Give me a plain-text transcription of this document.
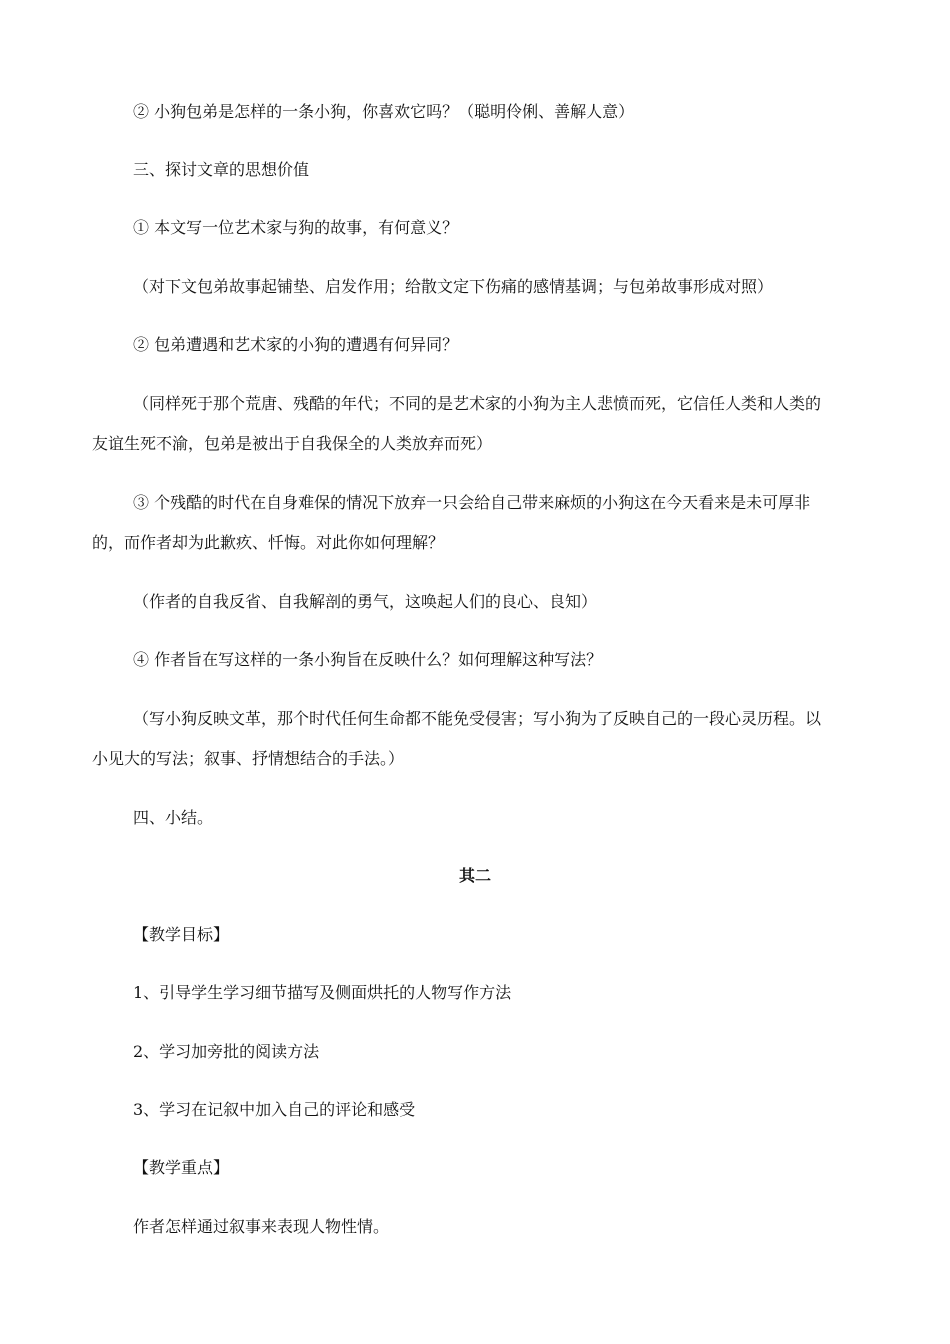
② 小狗包弟是怎样的一条小狗，你喜欢它吗？（聪明伶俐、善解人意）
三、探讨文章的思想价值
① 本文写一位艺术家与狗的故事，有何意义？
（对下文包弟故事起铺垫、启发作用；给散文定下伤痛的感情基调；与包弟故事形成对照）
② 包弟遭遇和艺术家的小狗的遭遇有何异同？
（同样死于那个荒唐、残酷的年代；不同的是艺术家的小狗为主人悲愤而死，它信任人类和人类的
友谊生死不渝，包弟是被出于自我保全的人类放弃而死）
③ 个残酷的时代在自身难保的情况下放弃一只会给自己带来麻烦的小狗这在今天看来是未可厚非
的，而作者却为此歉疚、忏悔。对此你如何理解？
（作者的自我反省、自我解剖的勇气，这唤起人们的良心、良知）
④ 作者旨在写这样的一条小狗旨在反映什么？如何理解这种写法？
（写小狗反映文革，那个时代任何生命都不能免受侵害；写小狗为了反映自己的一段心灵历程。以
小见大的写法；叙事、抒情想结合的手法。）
四、小结。
其二
【教学目标】
1、引导学生学习细节描写及侧面烘托的人物写作方法
2、学习加旁批的阅读方法
3、学习在记叙中加入自己的评论和感受
【教学重点】
作者怎样通过叙事来表现人物性情。
